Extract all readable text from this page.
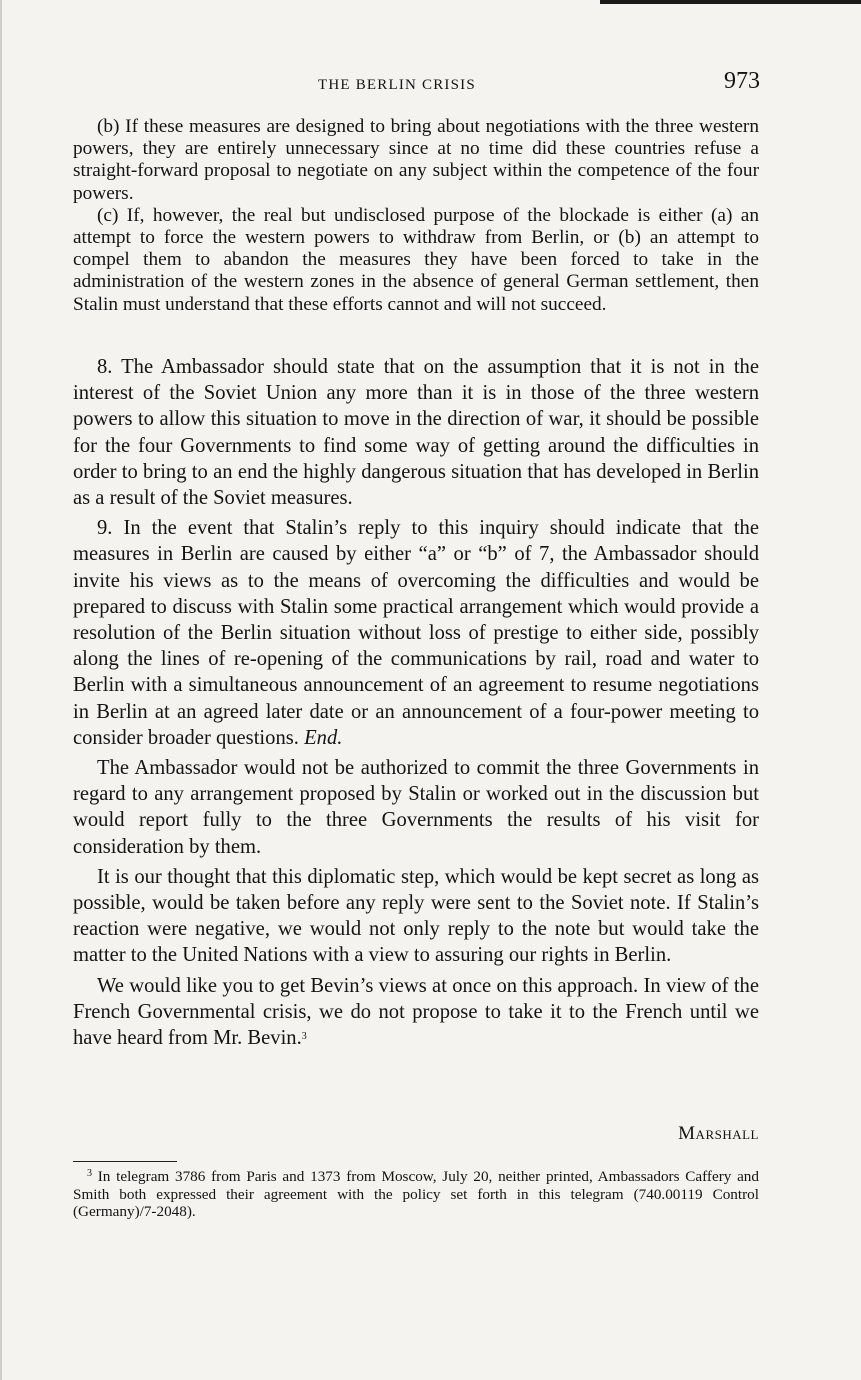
THE BERLIN CRISIS	973

(b) If these measures are designed to bring about negotiations with the three western powers, they are entirely unnecessary since at no time did these countries refuse a straight-forward proposal to negotiate on any subject within the competence of the four powers.

(c) If, however, the real but undisclosed purpose of the blockade is either (a) an attempt to force the western powers to withdraw from Berlin, or (b) an attempt to compel them to abandon the measures they have been forced to take in the administration of the western zones in the absence of general German settlement, then Stalin must understand that these efforts cannot and will not succeed.

8. The Ambassador should state that on the assumption that it is not in the interest of the Soviet Union any more than it is in those of the three western powers to allow this situation to move in the direction of war, it should be possible for the four Governments to find some way of getting around the difficulties in order to bring to an end the highly dangerous situation that has developed in Berlin as a result of the Soviet measures.

9. In the event that Stalin’s reply to this inquiry should indicate that the measures in Berlin are caused by either “a” or “b” of 7, the Ambassador should invite his views as to the means of overcoming the difficulties and would be prepared to discuss with Stalin some practical arrangement which would provide a resolution of the Berlin situation without loss of prestige to either side, possibly along the lines of re-opening of the communications by rail, road and water to Berlin with a simultaneous announcement of an agreement to resume negotiations in Berlin at an agreed later date or an announcement of a four-power meeting to consider broader questions. End.

The Ambassador would not be authorized to commit the three Governments in regard to any arrangement proposed by Stalin or worked out in the discussion but would report fully to the three Governments the results of his visit for consideration by them.

It is our thought that this diplomatic step, which would be kept secret as long as possible, would be taken before any reply were sent to the Soviet note. If Stalin’s reaction were negative, we would not only reply to the note but would take the matter to the United Nations with a view to assuring our rights in Berlin.

We would like you to get Bevin’s views at once on this approach. In view of the French Governmental crisis, we do not propose to take it to the French until we have heard from Mr. Bevin.$^3$

Marshall

$^3$ In telegram 3786 from Paris and 1373 from Moscow, July 20, neither printed, Ambassadors Caffery and Smith both expressed their agreement with the policy set forth in this telegram (740.00119 Control (Germany)/7-2048).
